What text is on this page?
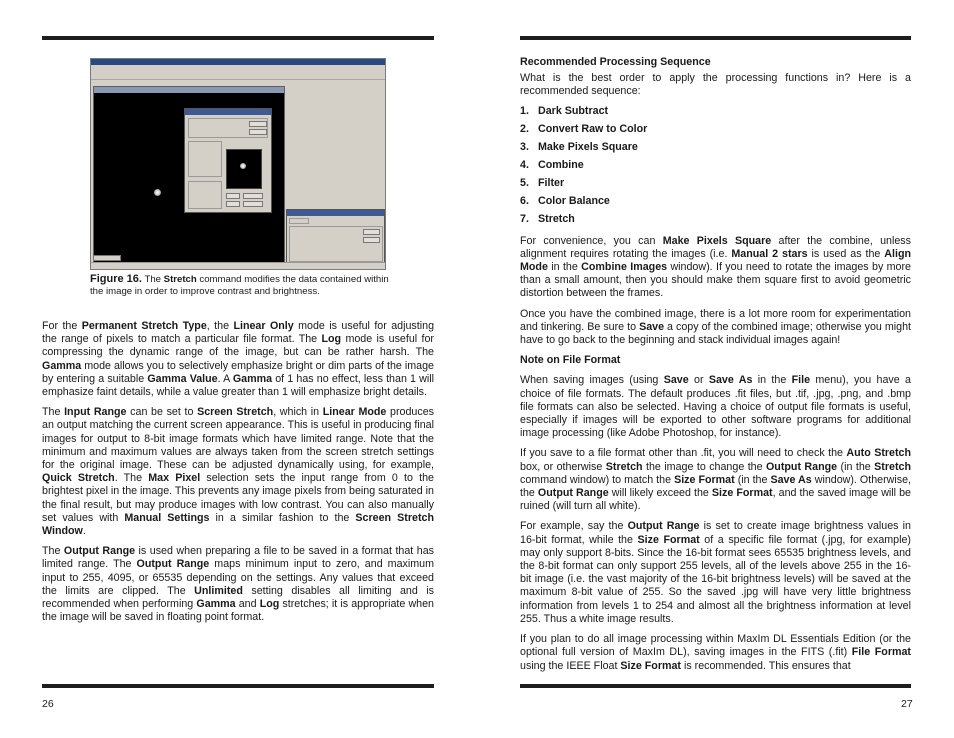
Figure 16. The Stretch command modifies the data contained within the image in order to improve contrast and brightness.

For the Permanent Stretch Type, the Linear Only mode is useful for adjusting the range of pixels to match a particular file format. The Log mode is useful for compressing the dynamic range of the image, but can be rather harsh. The Gamma mode allows you to selectively emphasize bright or dim parts of the image by entering a suitable Gamma Value. A Gamma of 1 has no effect, less than 1 will emphasize faint details, while a value greater than 1 will emphasize bright details.

The Input Range can be set to Screen Stretch, which in Linear Mode produces an output matching the current screen appearance. This is useful in producing final images for output to 8-bit image formats which have limited range. Note that the minimum and maximum values are always taken from the screen stretch settings for the original image. These can be adjusted dynamically using, for example, Quick Stretch. The Max Pixel selection sets the input range from 0 to the brightest pixel in the image. This prevents any image pixels from being saturated in the final result, but may produce images with low contrast. You can also manually set values with Manual Settings in a similar fashion to the Screen Stretch Window.

The Output Range is used when preparing a file to be saved in a format that has limited range. The Output Range maps minimum input to zero, and maximum input to 255, 4095, or 65535 depending on the settings. Any values that exceed the limits are clipped. The Unlimited setting disables all limiting and is recommended when performing Gamma and Log stretches; it is appropriate when the image will be saved in floating point format.

26
Recommended Processing Sequence

What is the best order to apply the processing functions in? Here is a recommended sequence:

1. Dark Subtract
2. Convert Raw to Color
3. Make Pixels Square
4. Combine
5. Filter
6. Color Balance
7. Stretch

For convenience, you can Make Pixels Square after the combine, unless alignment requires rotating the images (i.e. Manual 2 stars is used as the Align Mode in the Combine Images window). If you need to rotate the images by more than a small amount, then you should make them square first to avoid geometric distortion between the frames.

Once you have the combined image, there is a lot more room for experimentation and tinkering. Be sure to Save a copy of the combined image; otherwise you might have to go back to the beginning and stack individual images again!

Note on File Format

When saving images (using Save or Save As in the File menu), you have a choice of file formats. The default produces .fit files, but .tif, .jpg, .png, and .bmp file formats can also be selected. Having a choice of output file formats is useful, especially if images will be exported to other software programs for additional image processing (like Adobe Photoshop, for instance).

If you save to a file format other than .fit, you will need to check the Auto Stretch box, or otherwise Stretch the image to change the Output Range (in the Stretch command window) to match the Size Format (in the Save As window). Otherwise, the Output Range will likely exceed the Size Format, and the saved image will be ruined (will turn all white).

For example, say the Output Range is set to create image brightness values in 16-bit format, while the Size Format of a specific file format (.jpg, for example) may only support 8-bits. Since the 16-bit format sees 65535 brightness levels, and the 8-bit format can only support 255 levels, all of the levels above 255 in the 16-bit image (i.e. the vast majority of the 16-bit brightness levels) will be saved at the maximum 8-bit value of 255. So the saved .jpg will have very little brightness information from levels 1 to 254 and almost all the brightness information at level 255. Thus a white image results.

If you plan to do all image processing within MaxIm DL Essentials Edition (or the optional full version of MaxIm DL), saving images in the FITS (.fit) File Format using the IEEE Float Size Format is recommended. This ensures that

27
